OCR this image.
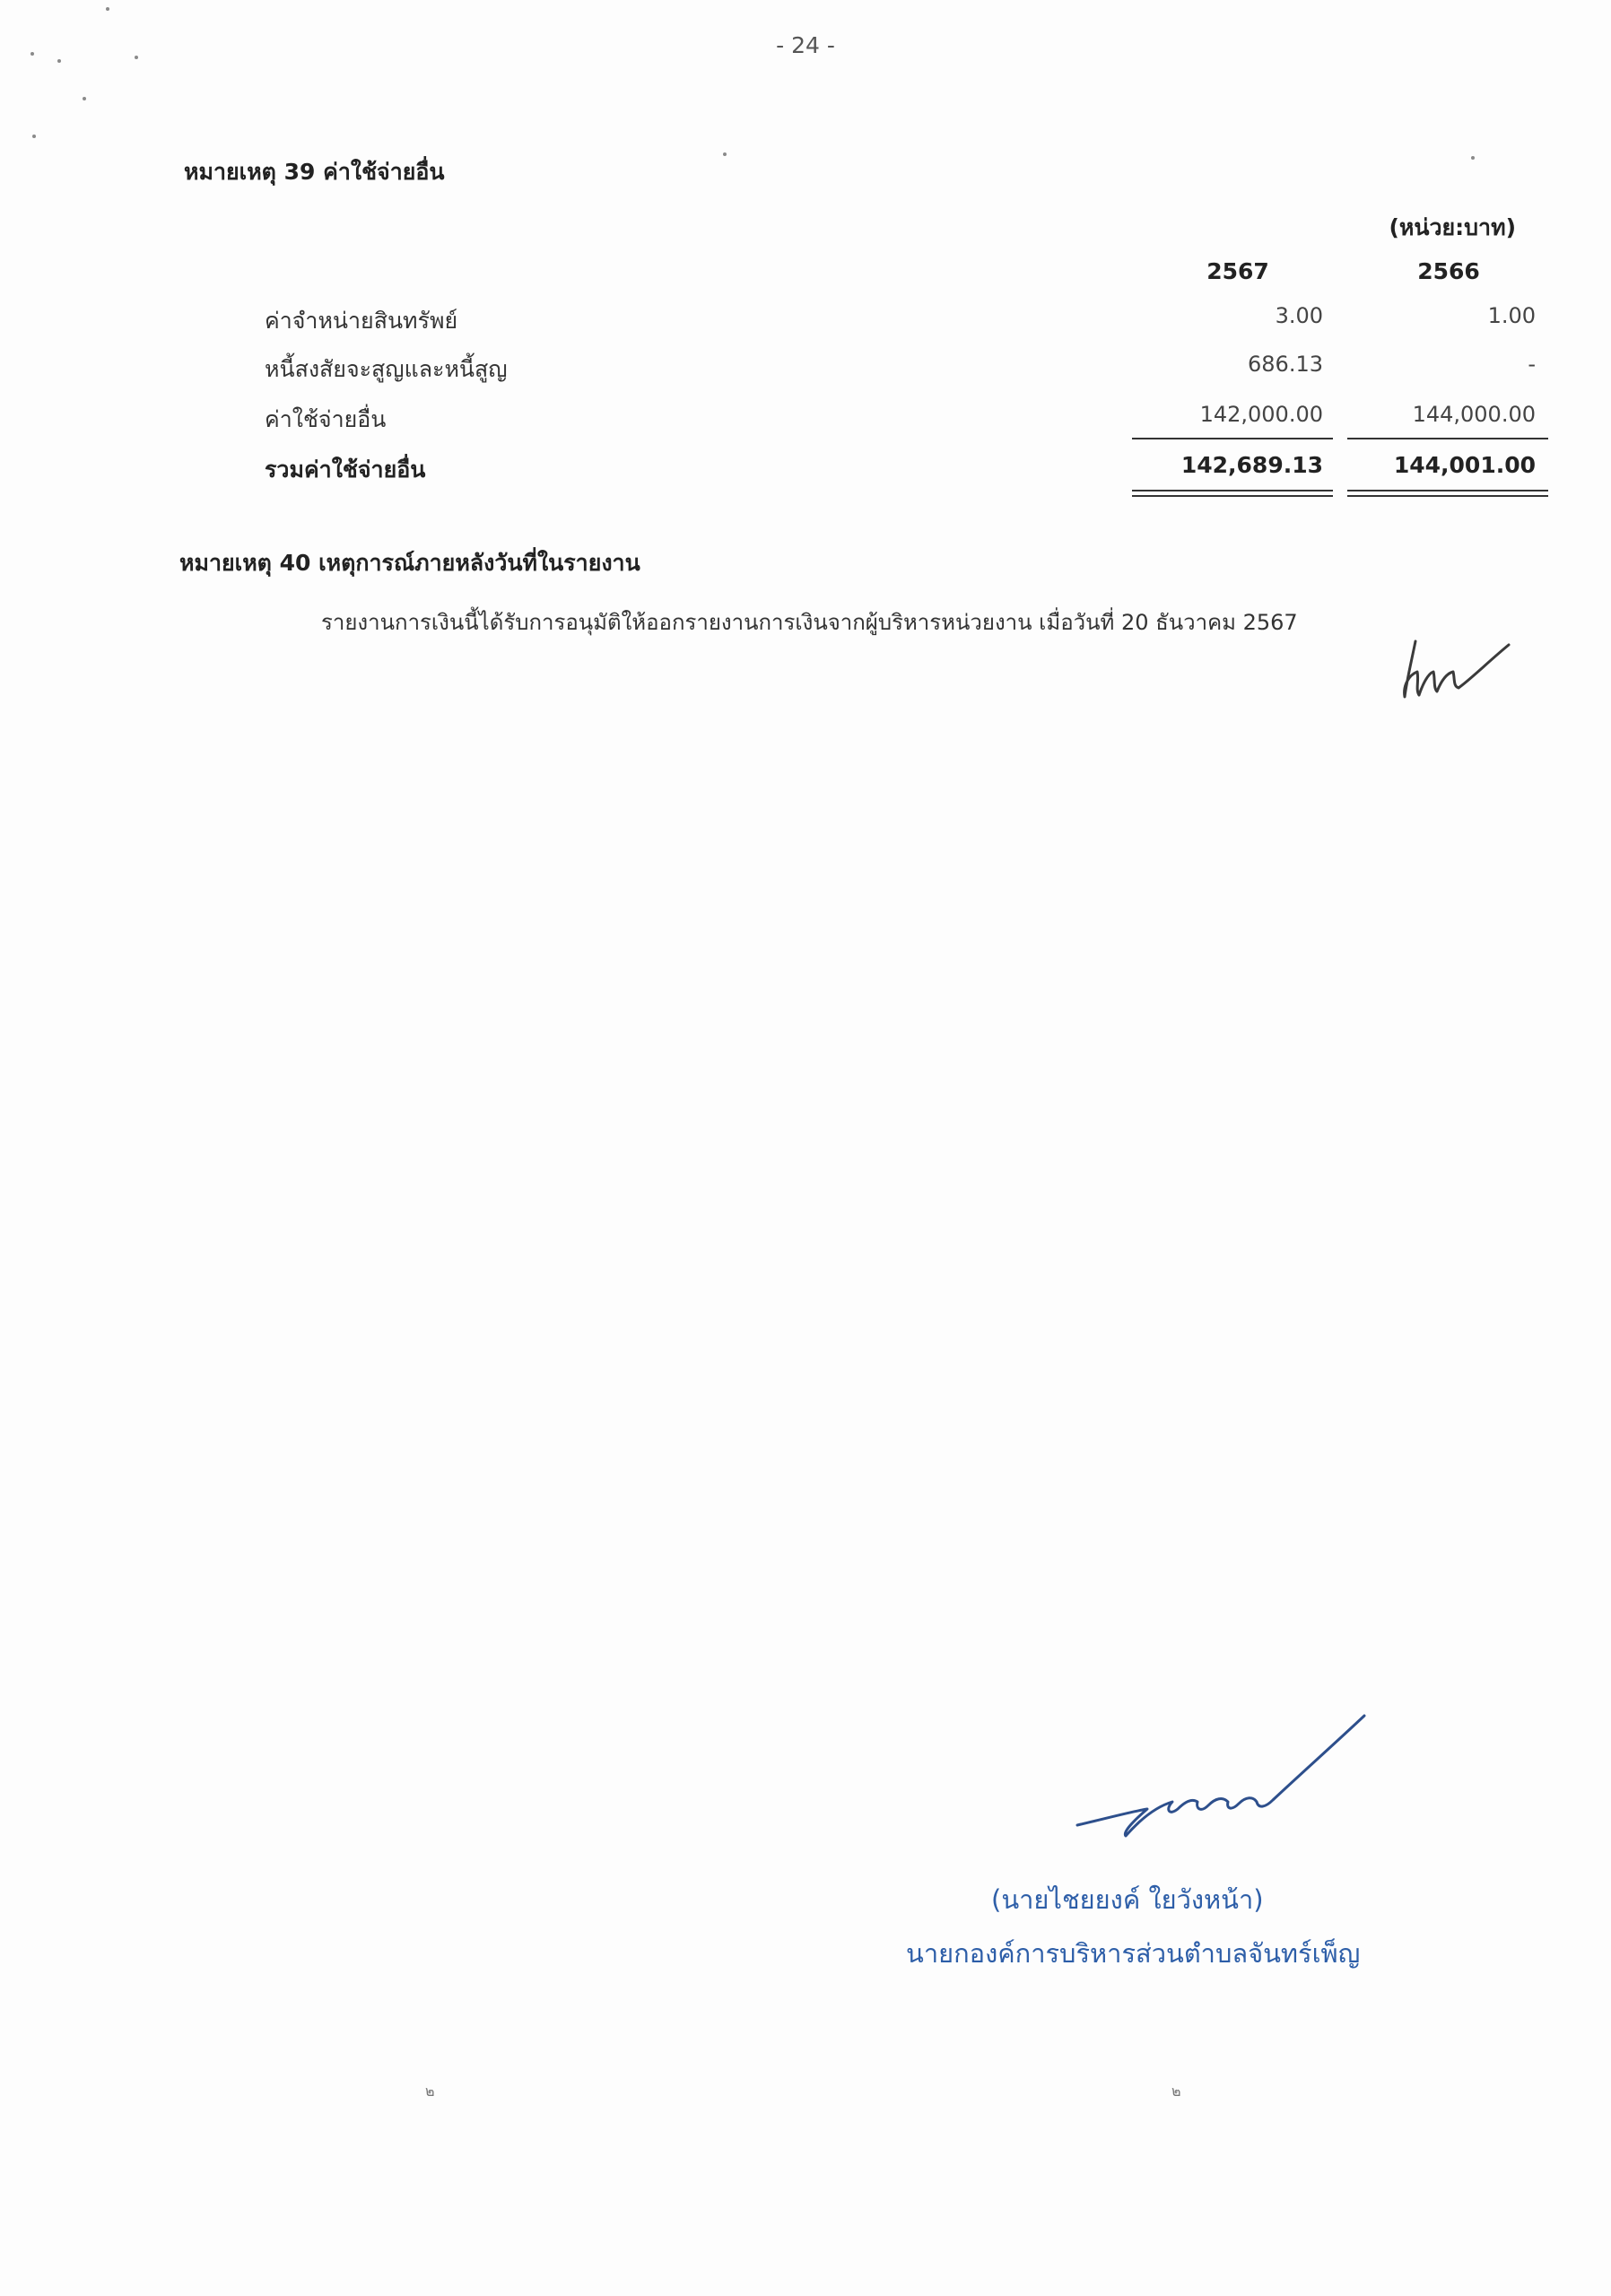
- 24 -
หมายเหตุ 39 ค่าใช้จ่ายอื่น
(หน่วย:บาท)
2567	2566
ค่าจำหน่ายสินทรัพย์	3.00	1.00
หนี้สงสัยจะสูญและหนี้สูญ	686.13	-
ค่าใช้จ่ายอื่น	142,000.00	144,000.00
รวมค่าใช้จ่ายอื่น	142,689.13	144,001.00
หมายเหตุ 40 เหตุการณ์ภายหลังวันที่ในรายงาน
รายงานการเงินนี้ได้รับการอนุมัติให้ออกรายงานการเงินจากผู้บริหารหน่วยงาน เมื่อวันที่ 20 ธันวาคม 2567
(นายไชยยงค์ ใยวังหน้า)
นายกองค์การบริหารส่วนตำบลจันทร์เพ็ญ
๒	๒
